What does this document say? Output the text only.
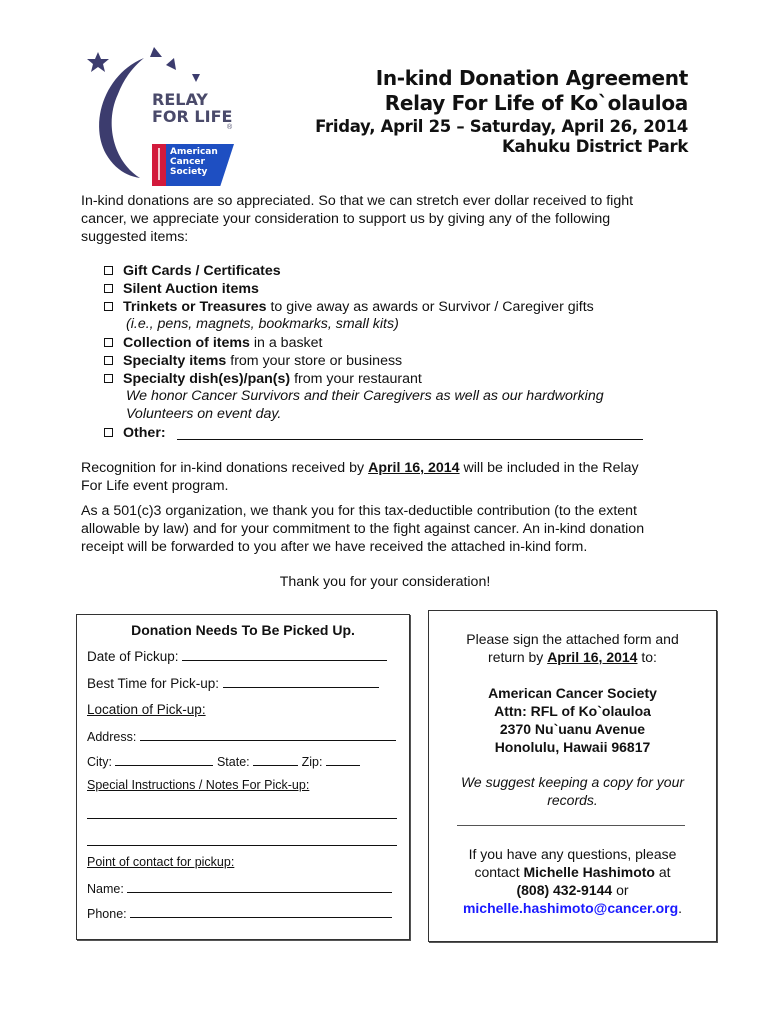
RELAY
FOR LIFE
®
American
Cancer
Society
In-kind Donation Agreement
Relay For Life of Ko`olauloa
Friday, April 25 – Saturday, April 26, 2014
Kahuku District Park
In-kind donations are so appreciated. So that we can stretch ever dollar received to fight
cancer, we appreciate your consideration to support us by giving any of the following
suggested items:
Gift Cards / Certificates
Silent Auction items
Trinkets or Treasures to give away as awards or Survivor / Caregiver gifts
(i.e., pens, magnets, bookmarks, small kits)
Collection of items in a basket
Specialty items from your store or business
Specialty dish(es)/pan(s) from your restaurant
We honor Cancer Survivors and their Caregivers as well as our hardworking
Volunteers on event day.
Other:
Recognition for in-kind donations received by April 16, 2014 will be included in the Relay
For Life event program.
As a 501(c)3 organization, we thank you for this tax-deductible contribution (to the extent
allowable by law) and for your commitment to the fight against cancer. An in-kind donation
receipt will be forwarded to you after we have received the attached in-kind form.
Thank you for your consideration!
Donation Needs To Be Picked Up.
Date of Pickup:
Best Time for Pick-up:
Location of Pick-up:
Address:
City:	State:	Zip:
Special Instructions / Notes For Pick-up:
Point of contact for pickup:
Name:
Phone:
Please sign the attached form and
return by April 16, 2014 to:
American Cancer Society
Attn: RFL of Ko`olauloa
2370 Nu`uanu Avenue
Honolulu, Hawaii 96817
We suggest keeping a copy for your
records.
If you have any questions, please
contact Michelle Hashimoto at
(808) 432-9144 or
michelle.hashimoto@cancer.org.
